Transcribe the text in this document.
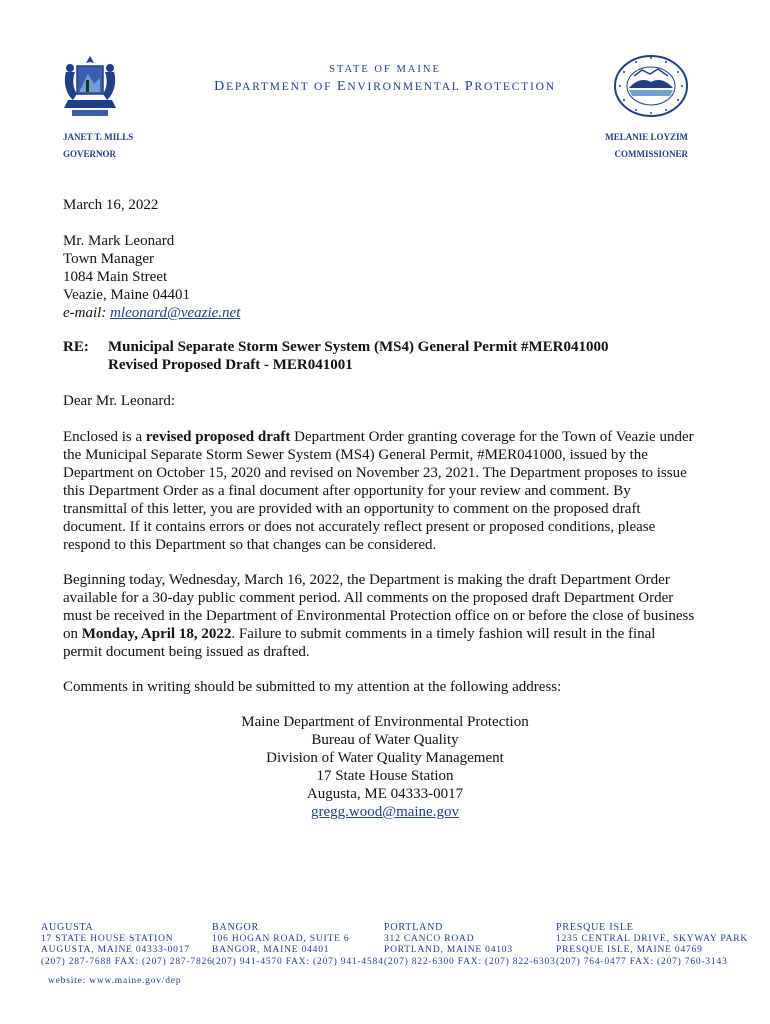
STATE OF MAINE
DEPARTMENT OF ENVIRONMENTAL PROTECTION
JANET T. MILLS
GOVERNOR
MELANIE LOYZIM
COMMISSIONER
March 16, 2022

Mr. Mark Leonard

Town Manager

1084 Main Street

Veazie, Maine 04401

e-mail: mleonard@veazie.net

RE: Municipal Separate Storm Sewer System (MS4) General Permit #MER041000

Revised Proposed Draft - MER041001

Dear Mr. Leonard:

Enclosed is a revised proposed draft Department Order granting coverage for the Town of Veazie under

the Municipal Separate Storm Sewer System (MS4) General Permit, #MER041000, issued by the

Department on October 15, 2020 and revised on November 23, 2021. The Department proposes to issue

this Department Order as a final document after opportunity for your review and comment. By

transmittal of this letter, you are provided with an opportunity to comment on the proposed draft

document. If it contains errors or does not accurately reflect present or proposed conditions, please

respond to this Department so that changes can be considered.

Beginning today, Wednesday, March 16, 2022, the Department is making the draft Department Order

available for a 30-day public comment period. All comments on the proposed draft Department Order

must be received in the Department of Environmental Protection office on or before the close of business

on Monday, April 18, 2022. Failure to submit comments in a timely fashion will result in the final

permit document being issued as drafted.

Comments in writing should be submitted to my attention at the following address:

Maine Department of Environmental Protection

Bureau of Water Quality

Division of Water Quality Management

17 State House Station

Augusta, ME 04333-0017

gregg.wood@maine.gov

AUGUSTA
17 STATE HOUSE STATION
AUGUSTA, MAINE 04333-0017
(207) 287-7688 FAX: (207) 287-7826
BANGOR
106 HOGAN ROAD, SUITE 6
BANGOR, MAINE 04401
(207) 941-4570 FAX: (207) 941-4584
PORTLAND
312 CANCO ROAD
PORTLAND, MAINE 04103
(207) 822-6300 FAX: (207) 822-6303
PRESQUE ISLE
1235 CENTRAL DRIVE, SKYWAY PARK
PRESQUE ISLE, MAINE 04769
(207) 764-0477 FAX: (207) 760-3143
website: www.maine.gov/dep
